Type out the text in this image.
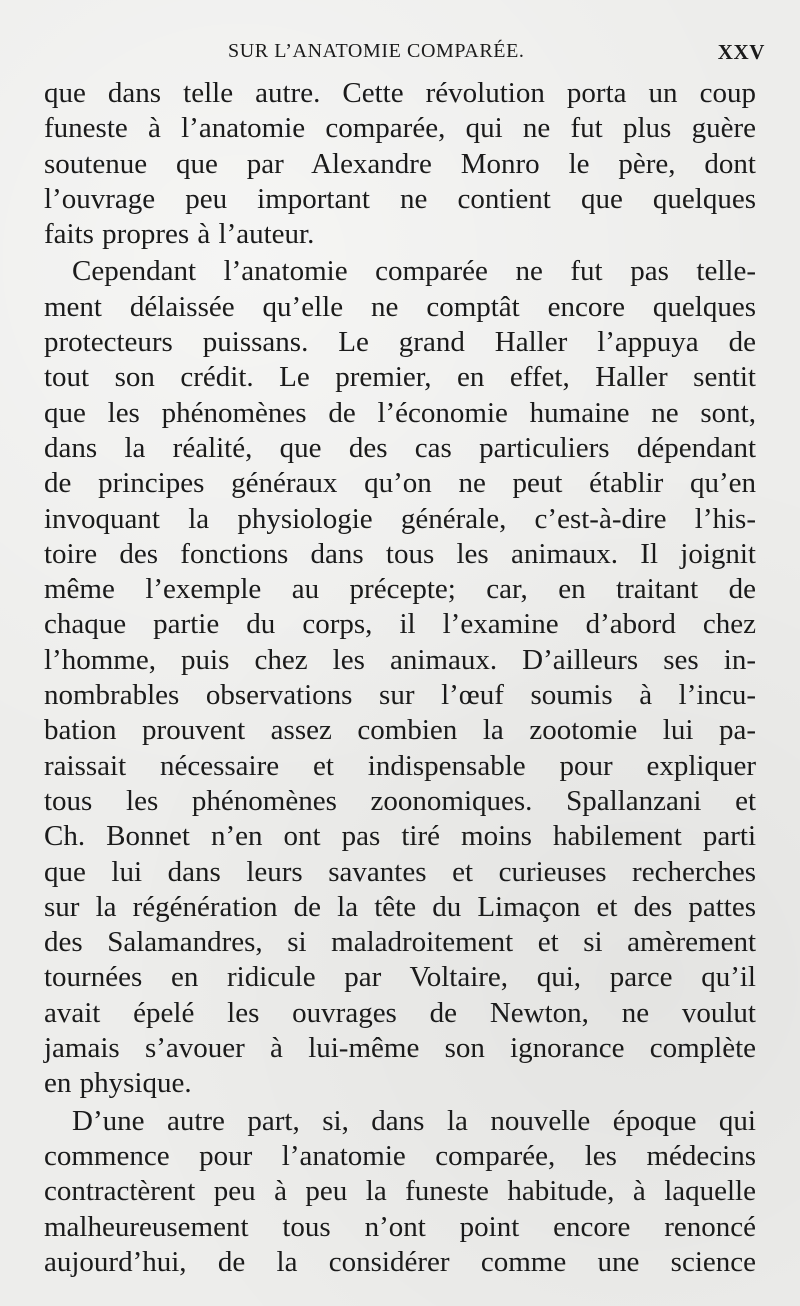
SUR L’ANATOMIE COMPARÉE.	XXV
que dans telle autre. Cette révolution porta un coup
funeste à l’anatomie comparée, qui ne fut plus guère
soutenue que par Alexandre Monro le père, dont
l’ouvrage peu important ne contient que quelques
faits propres à l’auteur.
Cependant l’anatomie comparée ne fut pas telle-
ment délaissée qu’elle ne comptât encore quelques
protecteurs puissans. Le grand Haller l’appuya de
tout son crédit. Le premier, en effet, Haller sentit
que les phénomènes de l’économie humaine ne sont,
dans la réalité, que des cas particuliers dépendant
de principes généraux qu’on ne peut établir qu’en
invoquant la physiologie générale, c’est-à-dire l’his-
toire des fonctions dans tous les animaux. Il joignit
même l’exemple au précepte; car, en traitant de
chaque partie du corps, il l’examine d’abord chez
l’homme, puis chez les animaux. D’ailleurs ses in-
nombrables observations sur l’œuf soumis à l’incu-
bation prouvent assez combien la zootomie lui pa-
raissait nécessaire et indispensable pour expliquer
tous les phénomènes zoonomiques. Spallanzani et
Ch. Bonnet n’en ont pas tiré moins habilement parti
que lui dans leurs savantes et curieuses recherches
sur la régénération de la tête du Limaçon et des pattes
des Salamandres, si maladroitement et si amèrement
tournées en ridicule par Voltaire, qui, parce qu’il
avait épelé les ouvrages de Newton, ne voulut
jamais s’avouer à lui-même son ignorance complète
en physique.
D’une autre part, si, dans la nouvelle époque qui
commence pour l’anatomie comparée, les médecins
contractèrent peu à peu la funeste habitude, à laquelle
malheureusement tous n’ont point encore renoncé
aujourd’hui, de la considérer comme une science
